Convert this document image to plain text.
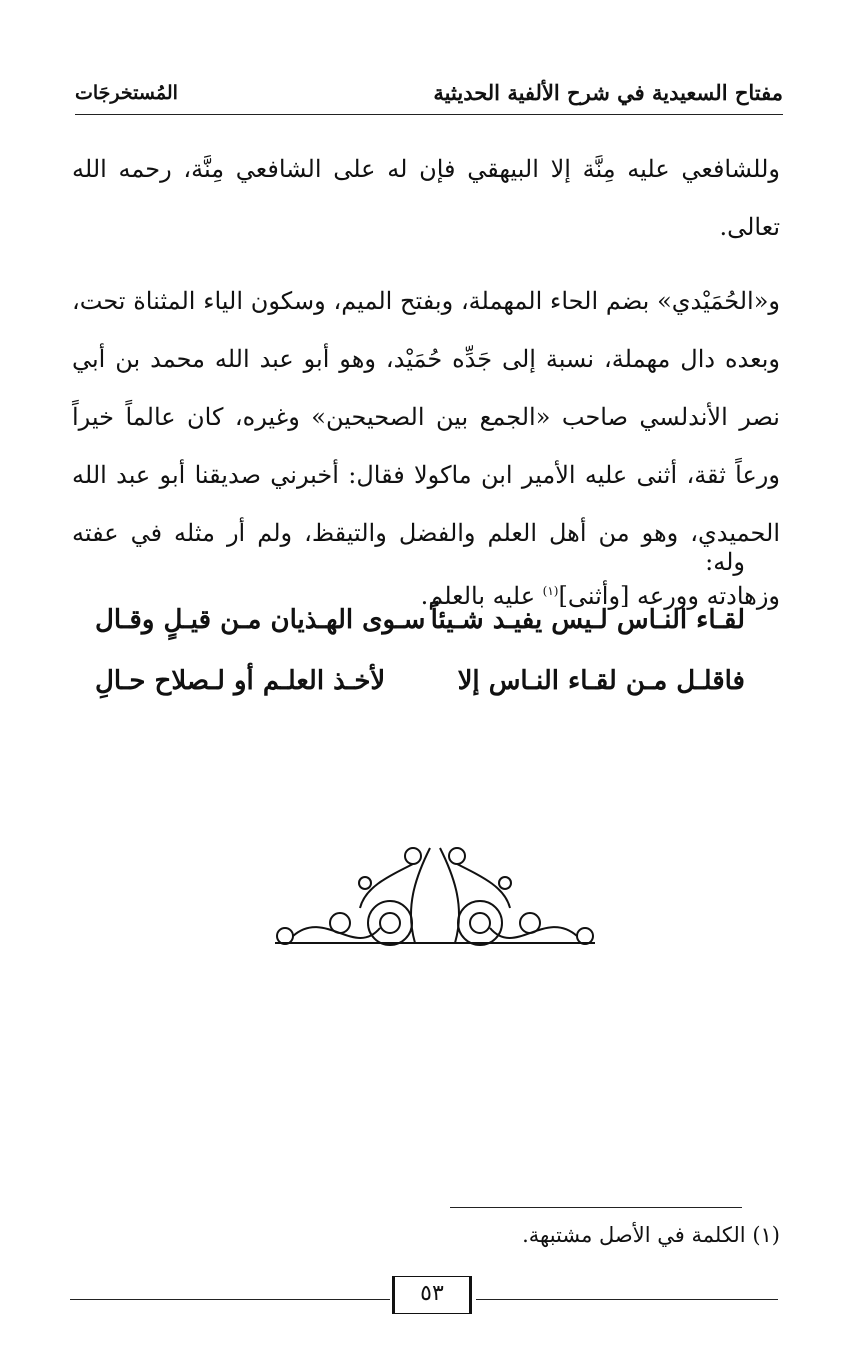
مفتاح السعيدية في شرح الألفية الحديثية
المُستخرجَات

وللشافعي عليه مِنَّة إلا البيهقي فإن له على الشافعي مِنَّة، رحمه الله تعالى.

و«الحُمَيْدي» بضم الحاء المهملة، وبفتح الميم، وسكون الياء المثناة تحت، وبعده دال مهملة، نسبة إلى جَدِّه حُمَيْد، وهو أبو عبد الله محمد بن أبي نصر الأندلسي صاحب «الجمع بين الصحيحين» وغيره، كان عالماً خيراً ورعاً ثقة، أثنى عليه الأمير ابن ماكولا فقال: أخبرني صديقنا أبو عبد الله الحميدي، وهو من أهل العلم والفضل والتيقظ، ولم أر مثله في عفته وزهادته وورعه [وأثنى]$^{(١)}$ عليه بالعلم.

وله:
لقـاء النـاس لـيس يفيـد شـيئاً
سـوى الهـذيان مـن قيـلٍ وقـال
فاقلـل مـن لقـاء النـاس إلا
لأخـذ العلـم أو لـصلاح حـالِ
(١) الكلمة في الأصل مشتبهة.
٥٣
